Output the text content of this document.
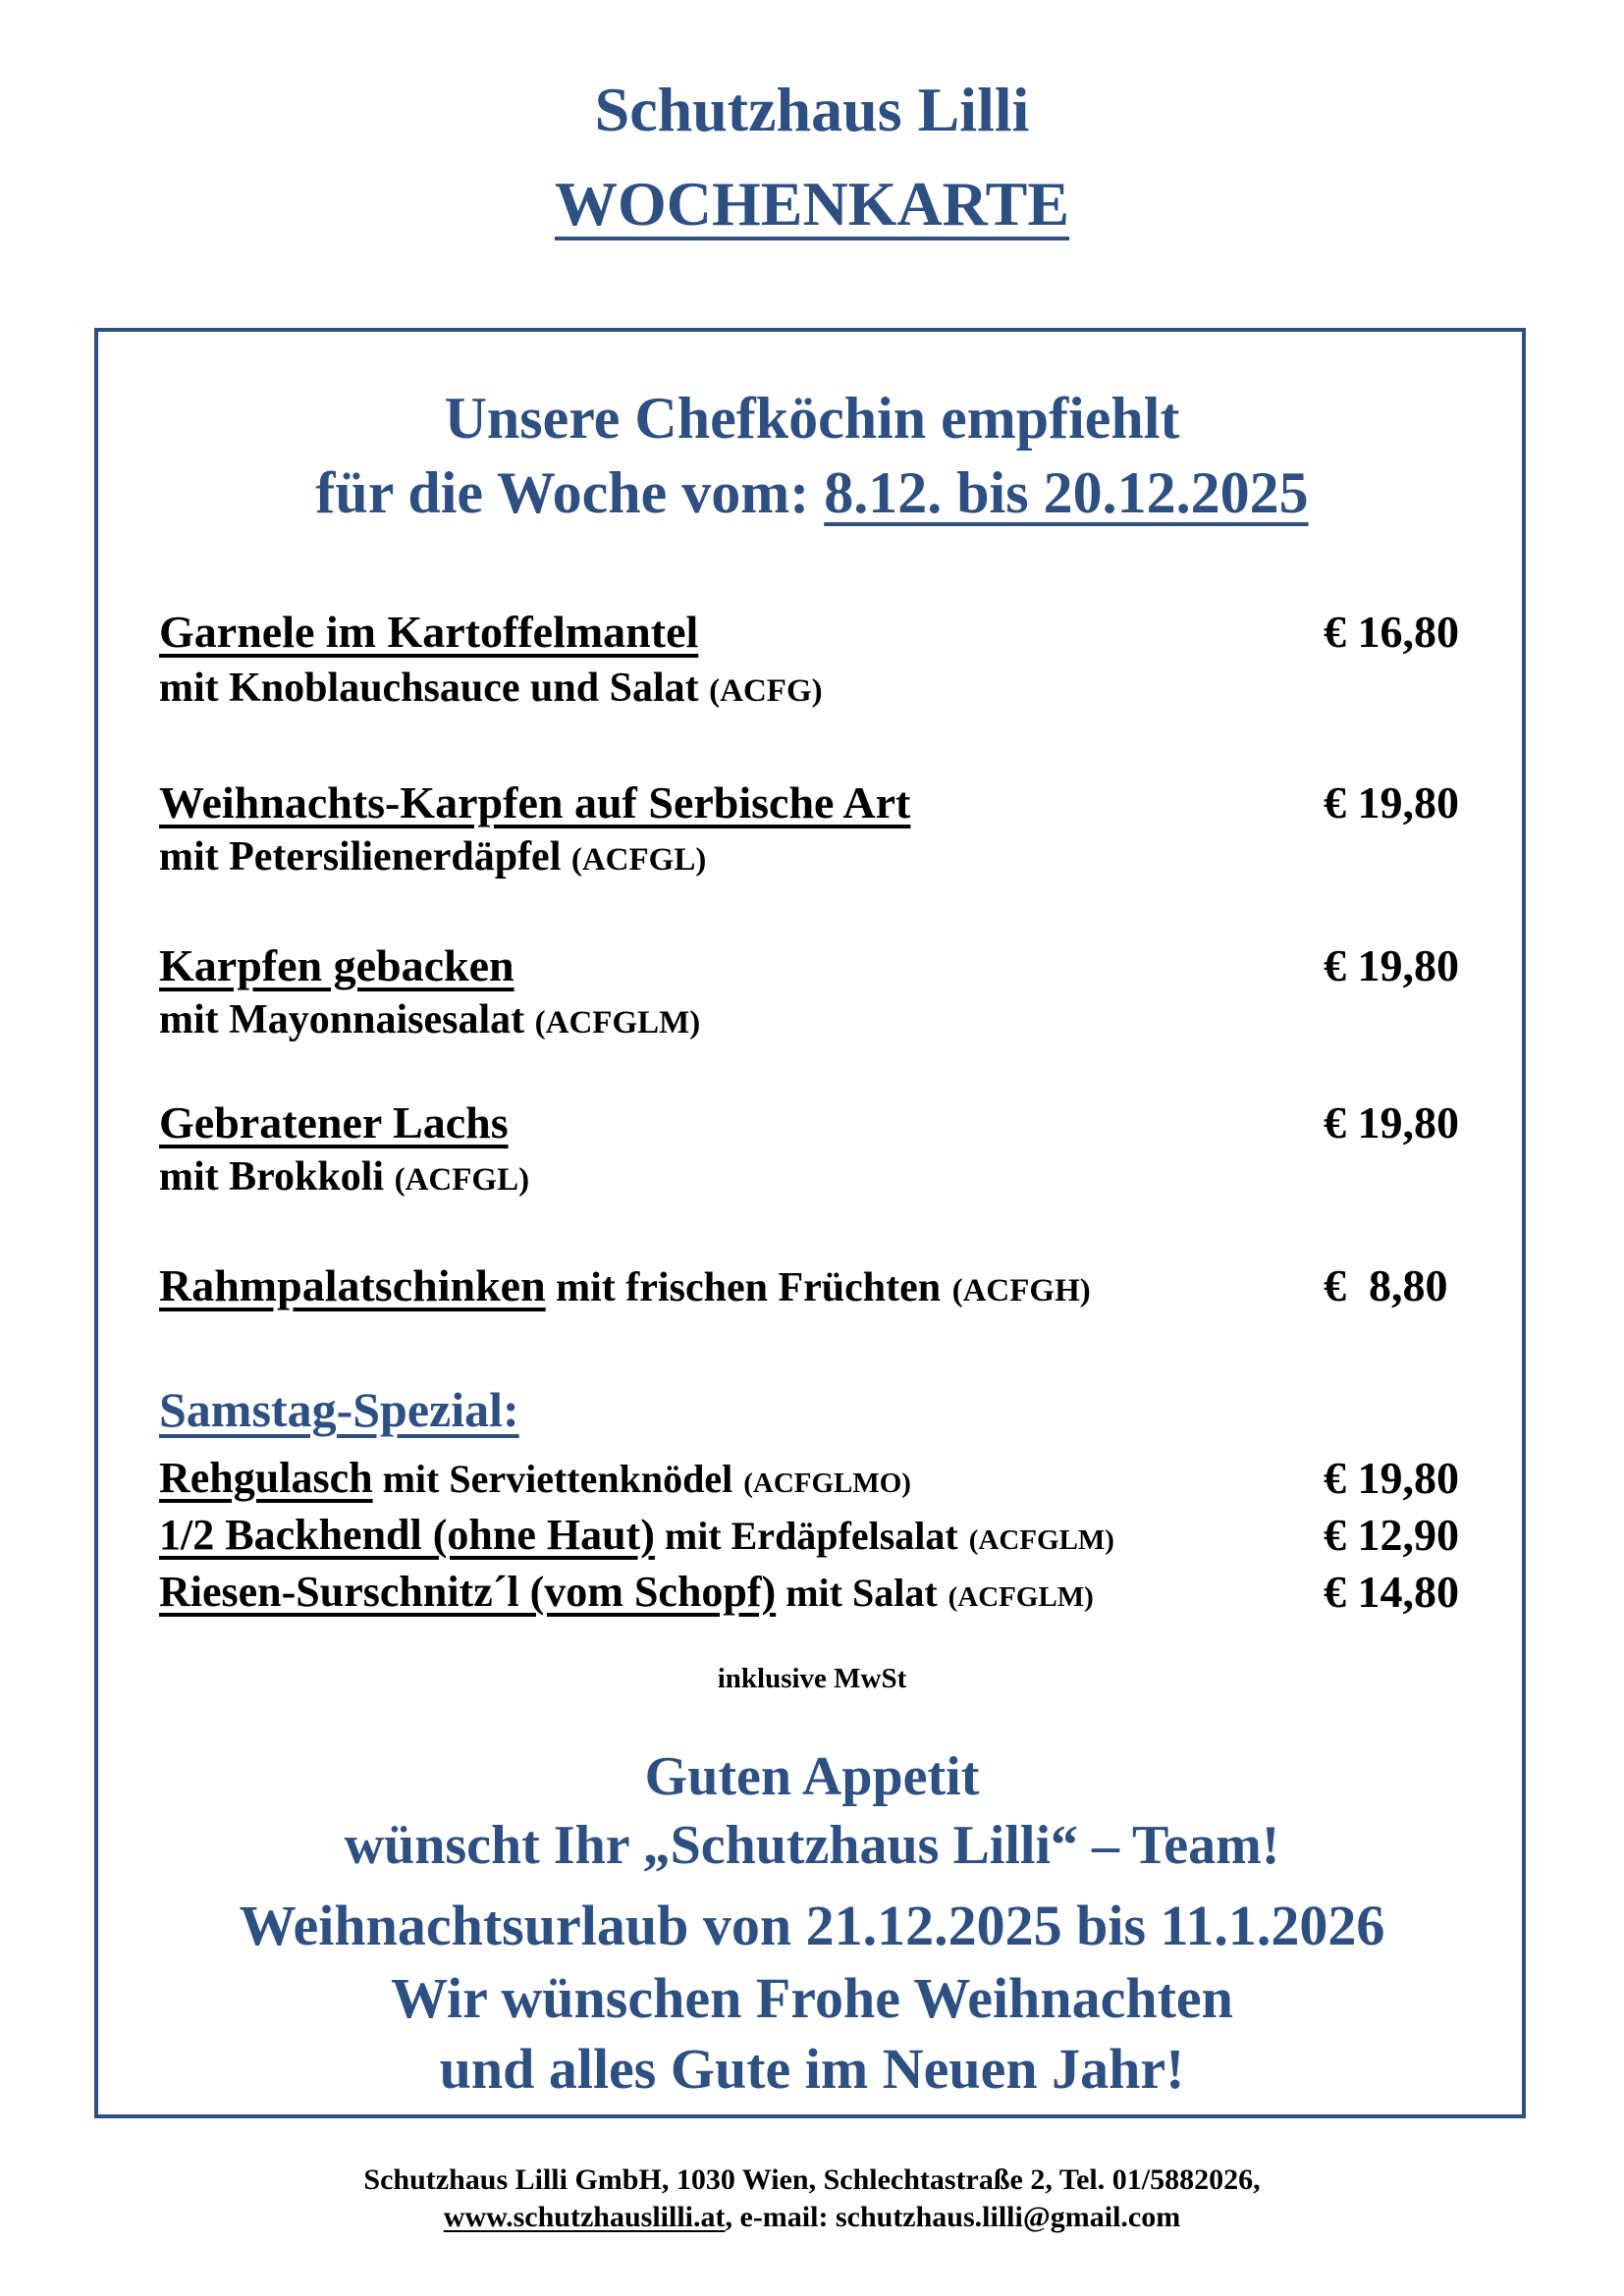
Schutzhaus Lilli
WOCHENKARTE
Unsere Chefköchin empfiehlt
für die Woche vom: 8.12. bis 20.12.2025
Garnele im Kartoffelmantel	€ 16,80
mit Knoblauchsauce und Salat (ACFG)
Weihnachts-Karpfen auf Serbische Art	€ 19,80
mit Petersilienerdäpfel (ACFGL)
Karpfen gebacken	€ 19,80
mit Mayonnaisesalat (ACFGLM)
Gebratener Lachs	€ 19,80
mit Brokkoli (ACFGL)
Rahmpalatschinken mit frischen Früchten (ACFGH)	€  8,80
Samstag-Spezial:
Rehgulasch mit Serviettenknödel (ACFGLMO)	€ 19,80
1/2 Backhendl (ohne Haut) mit Erdäpfelsalat (ACFGLM)	€ 12,90
Riesen-Surschnitz´l (vom Schopf) mit Salat (ACFGLM)	€ 14,80
inklusive MwSt
Guten Appetit
wünscht Ihr „Schutzhaus Lilli“ – Team!
Weihnachtsurlaub von 21.12.2025 bis 11.1.2026
Wir wünschen Frohe Weihnachten
und alles Gute im Neuen Jahr!
Schutzhaus Lilli GmbH, 1030 Wien, Schlechtastraße 2, Tel. 01/5882026,
www.schutzhauslilli.at, e-mail: schutzhaus.lilli@gmail.com
